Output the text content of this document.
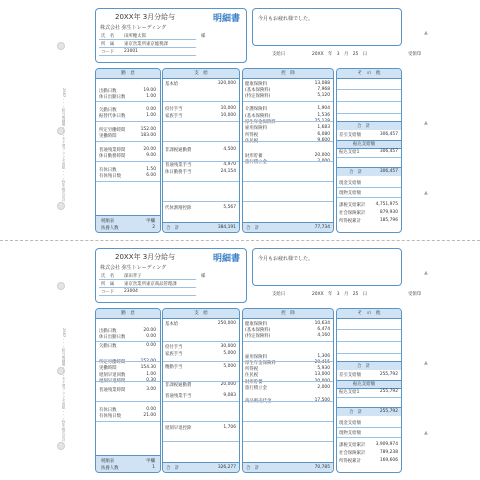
2987・・・給与明細書・・・タテ型プリンタ用紙・・・弥生株式会社
20XX年 3月分給与	明細書
株式会社 弥生トレーディング
氏　名 田所穂太郎	様
所　属 東京営業所東京総務課
コード 23001
今月もお疲れ様でした。
支給日	20XX　年　3　月　25　日	受領印
勤　怠
出勤日数	19.00
休日出勤日数	1.00
欠勤日数	0.00
振替代休日数	1.00
所定労働時間	152.00
実働時間	183.00
普通残業時間	20.00
休日勤務時間	9.00
有休日数	1.50
有休残日数	6.00
税額表	甲欄
扶養人数	2
支　給
基本給	320,000
役付手当	10,000
家族手当	10,000
非課税通勤費	4,500
普通残業手当	4,970
休日勤務手当	24,154
代休割増控除	5,567
合　計	384,191
控　除
健康保険料	13,088
(基本保険料)	7,968
(特定保険料)	5,120
介護保険料	1,904
(基本保険料)	1,536
厚生年金保険料	25,128
雇用保険料	1,683
所得税	6,080
住民税	9,600
財形貯蓄	20,000
旅行積立金	2,000
合　計	77,734
そ　の　他
合　計
差引支給額	306,457
振込支給額
振込支給1	306,457
合　計	306,457
現金支給額
現物支給額
課税支給累計 4,751,975
社会保険累計	879,930
所得税累計	185,796
▲
▲
▲
2987・・・給与明細書・・・タテ型プリンタ用紙・・・弥生株式会社
20XX年 3月分給与	明細書
株式会社 弥生トレーディング
氏　名 深田孝子	様
所　属 東京営業所東京商品管理課
コード 23004
今月もお疲れ様でした。
支給日	20XX　年　3　月　25　日	受領印
勤　怠
出勤日数	20.00
休日出勤日数	0.00
欠勤日数	0.00
所定労働時間	152.00
実働時間	154.30
遅刻早退回数	1.00
遅刻早退時間	0.30
普通残業時間	3.00
有休日数	0.00
有休残日数	21.00
税額表	甲欄
扶養人数	1
支　給
基本給	250,000
役付手当	30,000
家族手当	5,000
精勤手当	5,000
非課税通勤費	20,000
普通残業手当	9,083
遅刻早退控除	1,706
合　計	326,277
控　除
健康保険料	10,634
(基本保険料)	6,474
(特定保険料)	4,160
雇用保険料	1,306
厚生年金保険料	20,415
所得税	5,930
住民税	13,000
財形貯蓄	20,000
旅行積立金	2,000
商品販売代金	17,500
合　計	70,785
そ　の　他
合　計
差引支給額	255,792
振込支給額
振込支給1	255,792
合　計	255,792
現金支給額
現物支給額
課税支給累計 3,909,974
社会保険累計	789,238
所得税累計	169,606
▲
▲
▲
